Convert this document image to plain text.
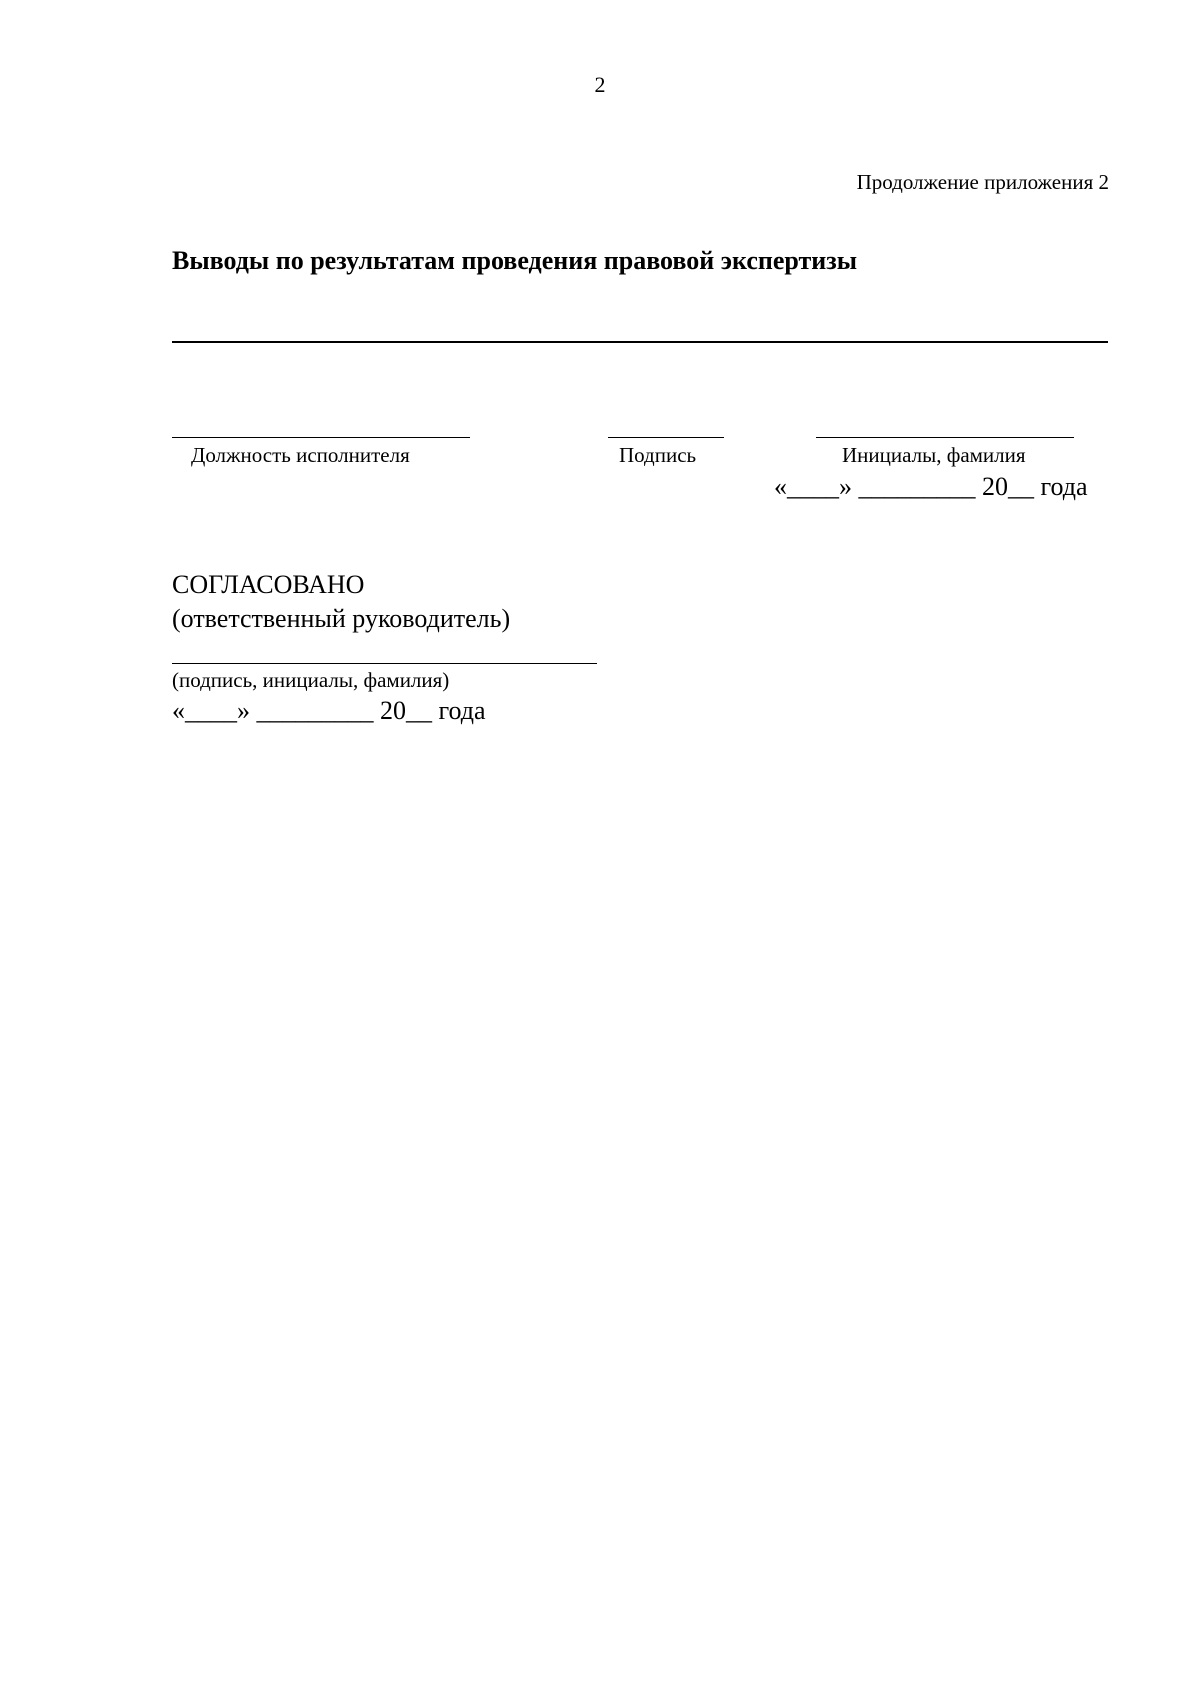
2
Продолжение приложения 2
Выводы по результатам проведения правовой экспертизы
Должность исполнителя	Подпись	Инициалы, фамилия
«____» _________ 20__ года
СОГЛАСОВАНО
(ответственный руководитель)
(подпись, инициалы, фамилия)
«____» _________ 20__ года
